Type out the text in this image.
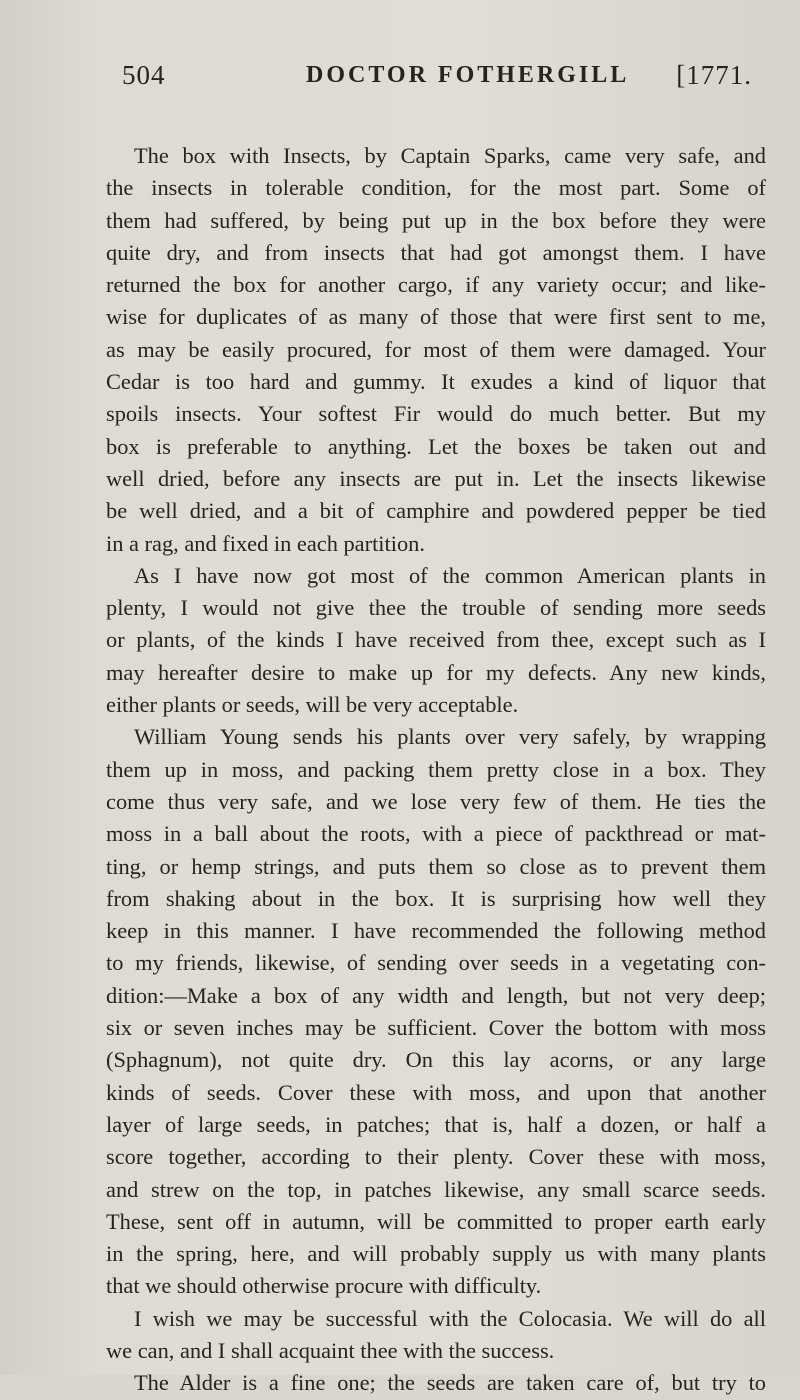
504	DOCTOR FOTHERGILL [1771.
The box with Insects, by Captain Sparks, came very safe, and
the insects in tolerable condition, for the most part. Some of
them had suffered, by being put up in the box before they were
quite dry, and from insects that had got amongst them. I have
returned the box for another cargo, if any variety occur; and like-
wise for duplicates of as many of those that were first sent to me,
as may be easily procured, for most of them were damaged. Your
Cedar is too hard and gummy. It exudes a kind of liquor that
spoils insects. Your softest Fir would do much better. But my
box is preferable to anything. Let the boxes be taken out and
well dried, before any insects are put in. Let the insects likewise
be well dried, and a bit of camphire and powdered pepper be tied
in a rag, and fixed in each partition.
As I have now got most of the common American plants in
plenty, I would not give thee the trouble of sending more seeds
or plants, of the kinds I have received from thee, except such as I
may hereafter desire to make up for my defects. Any new kinds,
either plants or seeds, will be very acceptable.
William Young sends his plants over very safely, by wrapping
them up in moss, and packing them pretty close in a box. They
come thus very safe, and we lose very few of them. He ties the
moss in a ball about the roots, with a piece of packthread or mat-
ting, or hemp strings, and puts them so close as to prevent them
from shaking about in the box. It is surprising how well they
keep in this manner. I have recommended the following method
to my friends, likewise, of sending over seeds in a vegetating con-
dition:—Make a box of any width and length, but not very deep;
six or seven inches may be sufficient. Cover the bottom with moss
(Sphagnum), not quite dry. On this lay acorns, or any large
kinds of seeds. Cover these with moss, and upon that another
layer of large seeds, in patches; that is, half a dozen, or half a
score together, according to their plenty. Cover these with moss,
and strew on the top, in patches likewise, any small scarce seeds.
These, sent off in autumn, will be committed to proper earth early
in the spring, here, and will probably supply us with many plants
that we should otherwise procure with difficulty.
I wish we may be successful with the Colocasia. We will do all
we can, and I shall acquaint thee with the success.
The Alder is a fine one; the seeds are taken care of, but try to
